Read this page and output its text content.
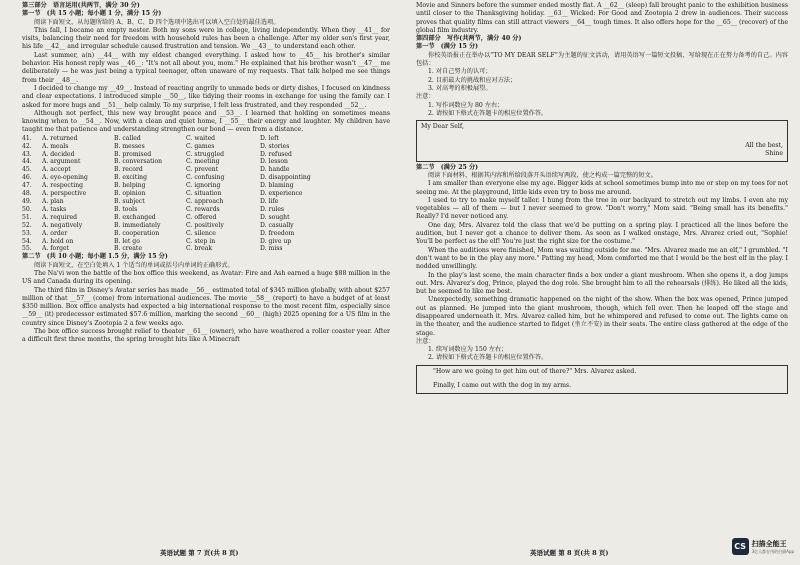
第三部分　语言运用(共两节，满分 30 分)

第一节　(共 15 小题；每小题 1 分，满分 15 分)

阅读下面短文，从每题所给的 A、B、C、D 四个选项中选出可以填入空白处的最佳选项。

This fall, I became an empty nester. Both my sons were in college, living independently. When they __41__ for visits, balancing their need for freedom with household rules has been a challenge. After my older son's first year, his life __42__ and irregular schedule caused frustration and tension. We __43__ to understand each other.

Last summer, a(n) __44__ with my eldest changed everything. I asked how to __45__ his brother's similar behavior. His honest reply was __46__: "It's not all about you, mom." He explained that his brother wasn't __47__ me deliberately — he was just being a typical teenager, often unaware of my requests. That talk helped me see things from their __48__.

I decided to change my __49__. Instead of reacting angrily to unmade beds or dirty dishes, I focused on kindness and clear expectations. I introduced simple __50__, like tidying their rooms in exchange for using the family car. I asked for more hugs and __51__ help calmly. To my surprise, I felt less frustrated, and they responded __52__.

Although not perfect, this new way brought peace and __53__. I learned that holding on sometimes means knowing when to __54__. Now, with a clean and quiet home, I __55__ their energy and laughter. My children have taught me that patience and understanding strengthen our bond — even from a distance.

41.	A. returned	B. called	C. waited	D. left
42.	A. meals	B. messes	C. games	D. stories
43.	A. decided	B. promised	C. struggled	D. refused
44.	A. argument	B. conversation	C. meeting	D. lesson
45.	A. accept	B. record	C. prevent	D. handle
46.	A. eye-opening	B. exciting	C. confusing	D. disappointing
47.	A. respecting	B. helping	C. ignoring	D. blaming
48.	A. perspective	B. opinion	C. situation	D. experience
49.	A. plan	B. subject	C. approach	D. life
50.	A. tasks	B. tools	C. rewards	D. rules
51.	A. required	B. exchanged	C. offered	D. sought
52.	A. negatively	B. immediately	C. positively	D. casually
53.	A. order	B. cooperation	C. silence	D. freedom
54.	A. hold on	B. let go	C. step in	D. give up
55.	A. forget	B. create	C. break	D. miss

第二节　(共 10 小题；每小题 1.5 分，满分 15 分)

阅读下面短文，在空白处填入 1 个适当的单词或括号内单词的正确形式。

The Na'vi won the battle of the box office this weekend, as Avatar: Fire and Ash earned a huge $88 million in the US and Canada during its opening.

The third film in Disney's Avatar series has made __56__ estimated total of $345 million globally, with about $257 million of that __57__ (come) from international audiences. The movie __58__ (report) to have a budget of at least $350 million. Box office analysts had expected a big international response to the most recent film, especially since __59__ (it) predecessor estimated $57.6 million, marking the second __60__ (high) 2025 opening for a US film in the country since Disney's Zootopia 2 a few weeks ago.

The box office success brought relief to theater __61__ (owner), who have weathered a roller coaster year. After a difficult first three months, the spring brought hits like A Minecraft

英语试题 第 7 页(共 8 页)

Movie and Sinners before the summer ended mostly flat. A __62__ (sleep) fall brought panic to the exhibition business until closer to the Thanksgiving holiday. __63__ Wicked: For Good and Zootopia 2 drew in audiences. Their success proves that quality films can still attract viewers __64__ tough times. It also offers hope for the __65__ (recover) of the global film industry.

第四部分　写作(共两节，满分 40 分)

第一节　(满分 15 分)

你校英语报正在举办以“TO MY DEAR SELF”为主题的征文活动，请用英语写一篇短文投稿，写给现在正在努力备考的自己。内容包括：

1. 对自己努力的认可；

2. 目前最大的挑战和应对方法；

3. 对高考的积极展望。

注意：

1. 写作词数应为 80 左右；

2. 请按如下格式在答题卡的相应位置作答。

My Dear Self,
All the best,
Shine

第二节　(满分 25 分)

阅读下面材料，根据其内容和所给段落开头语续写两段，使之构成一篇完整的短文。

I am smaller than everyone else my age. Bigger kids at school sometimes bump into me or step on my toes for not seeing me. At the playground, little kids even try to boss me around.

I used to try to make myself taller. I hung from the tree in our backyard to stretch out my limbs. I even ate my vegetables — all of them — but I never seemed to grow. "Don't worry," Mom said. "Being small has its benefits." Really? I'd never noticed any.

One day, Mrs. Alvarez told the class that we'd be putting on a spring play. I practiced all the lines before the audition, but I never got a chance to deliver them. As soon as I walked onstage, Mrs. Alvarez cried out, "Sophie! You'll be perfect as the elf! You're just the right size for the costume."

When the auditions were finished, Mom was waiting outside for me. "Mrs. Alvarez made me an elf," I grumbled. "I don't want to be in the play any more." Patting my head, Mom comforted me that I would be the best elf in the play. I nodded unwillingly.

In the play's last scene, the main character finds a box under a giant mushroom. When she opens it, a dog jumps out. Mrs. Alvarez's dog, Prince, played the dog role. She brought him to all the rehearsals (排练). He liked all the kids, but he seemed to like me best.

Unexpectedly, something dramatic happened on the night of the show. When the box was opened, Prince jumped out as planned. He jumped into the giant mushroom, though, which fell over. Then he leaped off the stage and disappeared underneath it. Mrs. Alvarez called him, but he whimpered and refused to come out. The lights came on in the theater, and the audience started to fidget (坐立不安) in their seats. The entire class gathered at the edge of the stage.

注意：

1. 续写词数应为 150 左右；

2. 请按如下格式在答题卡的相应位置作答。

"How are we going to get him out of there?" Mrs. Alvarez asked.
Finally, I came out with the dog in my arms.
英语试题 第 8 页(共 8 页)
CS 扫描全能王
3亿人都在用的扫描App
